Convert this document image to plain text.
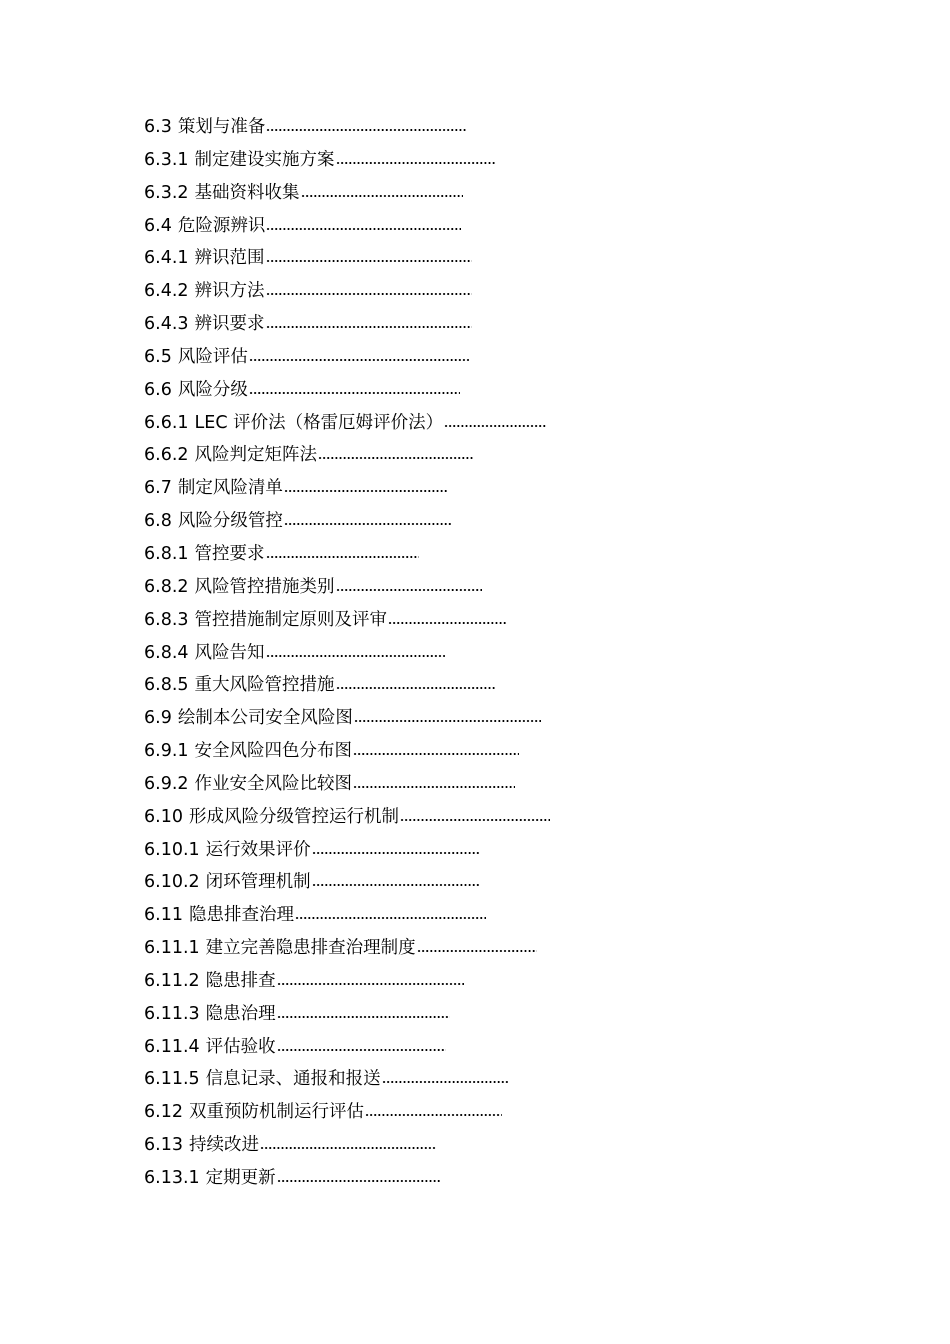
6.3 策划与准备
6.3.1 制定建设实施方案
6.3.2 基础资料收集
6.4 危险源辨识
6.4.1 辨识范围
6.4.2 辨识方法
6.4.3 辨识要求
6.5 风险评估
6.6 风险分级
6.6.1 LEC 评价法（格雷厄姆评价法）
6.6.2 风险判定矩阵法
6.7 制定风险清单
6.8 风险分级管控
6.8.1 管控要求
6.8.2 风险管控措施类别
6.8.3 管控措施制定原则及评审
6.8.4 风险告知
6.8.5 重大风险管控措施
6.9 绘制本公司安全风险图
6.9.1 安全风险四色分布图
6.9.2 作业安全风险比较图
6.10 形成风险分级管控运行机制
6.10.1 运行效果评价
6.10.2 闭环管理机制
6.11 隐患排查治理
6.11.1 建立完善隐患排查治理制度
6.11.2 隐患排查
6.11.3 隐患治理
6.11.4 评估验收
6.11.5 信息记录、通报和报送
6.12 双重预防机制运行评估
6.13 持续改进
6.13.1 定期更新
